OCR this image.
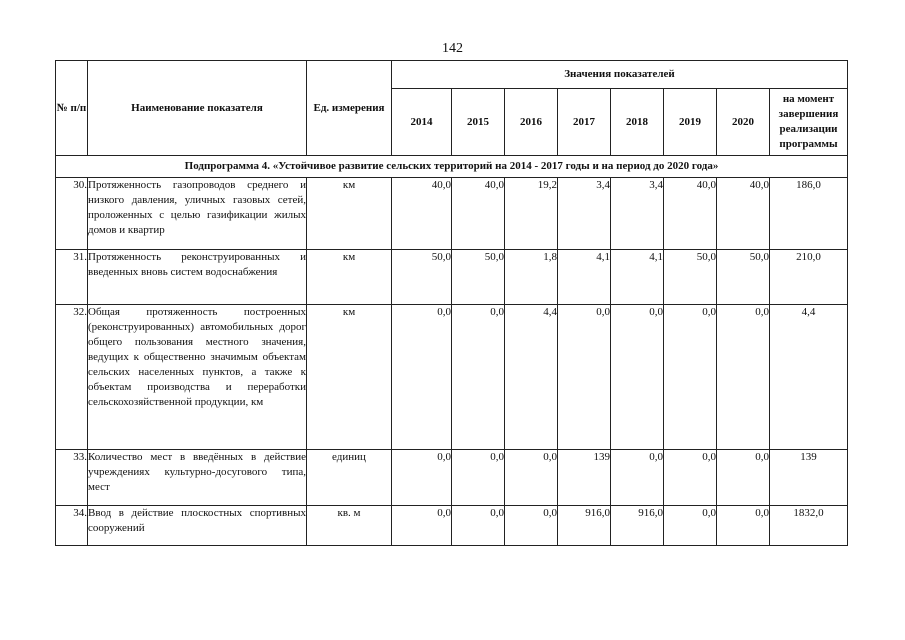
142
№ п/п	Наименование показателя	Ед. измерения	Значения показателей							
			2014	2015	2016	2017	2018	2019	2020	на момент завершения реализации программы
Подпрограмма 4. «Устойчивое развитие сельских территорий на 2014 - 2017 годы и на период до 2020 года»										
30.	Протяженность газопроводов среднего и низкого давления, уличных газовых сетей, проложенных с целью газификации жилых домов и квартир	км	40,0	40,0	19,2	3,4	3,4	40,0	40,0	186,0
31.	Протяженность реконструированных и введенных вновь систем водоснабжения	км	50,0	50,0	1,8	4,1	4,1	50,0	50,0	210,0
32.	Общая протяженность построенных (реконструированных) автомобильных дорог общего пользования местного значения, ведущих к общественно значимым объектам сельских населенных пунктов, а также к объектам производства и переработки сельскохозяйственной продукции, км	км	0,0	0,0	4,4	0,0	0,0	0,0	0,0	4,4
33.	Количество мест в введённых в действие учреждениях культурно-досугового типа, мест	единиц	0,0	0,0	0,0	139	0,0	0,0	0,0	139
34.	Ввод в действие плоскостных спортивных сооружений	кв. м	0,0	0,0	0,0	916,0	916,0	0,0	0,0	1832,0
